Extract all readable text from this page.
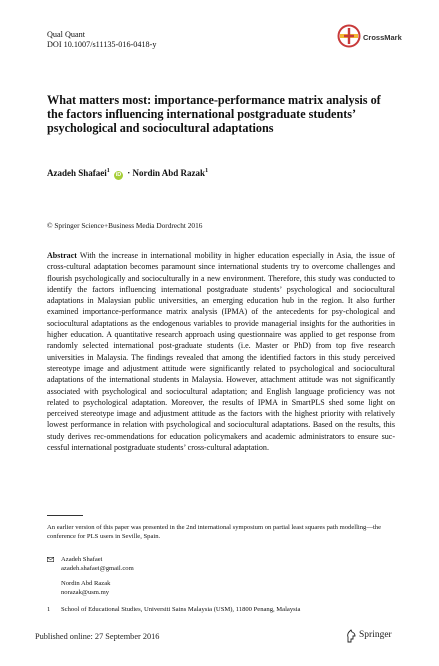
Qual Quant
DOI 10.1007/s11135-016-0418-y
CrossMark
What matters most: importance-performance matrix analysis of the factors influencing international postgraduate students’ psychological and sociocultural adaptations
Azadeh Shafaei$^1$ iD · Nordin Abd Razak$^1$
© Springer Science+Business Media Dordrecht 2016
Abstract With the increase in international mobility in higher education especially in Asia, the issue of cross-cultural adaptation becomes paramount since international students try to overcome challenges and flourish psychologically and socioculturally in a new environment. Therefore, this study was conducted to identify the factors influencing international postgraduate students’ psychological and sociocultural adaptations in Malaysian public universities, an emerging education hub in the region. It also further examined importance-performance matrix analysis (IPMA) of the antecedents for psy-chological and sociocultural adaptations as the endogenous variables to provide managerial insights for the authorities in higher education. A quantitative research approach using questionnaire was applied to get response from randomly selected international post-graduate students (i.e. Master or PhD) from top five research universities in Malaysia. The findings revealed that among the identified factors in this study perceived stereotype image and adjustment attitude were significantly related to psychological and sociocultural adaptations of the international students in Malaysia. However, attachment attitude was not significantly associated with psychological and sociocultural adaptation; and English language proficiency was not related to psychological adaptation. Moreover, the results of IPMA in SmartPLS shed some light on perceived stereotype image and adjustment attitude as the factors with the highest priority with relatively lowest performance in relation with psychological and sociocultural adaptations. Based on the results, this study derives rec-ommendations for education policymakers and academic administrators to ensure suc-cessful international postgraduate students’ cross-cultural adaptation.
An earlier version of this paper was presented in the 2nd international symposium on partial least squares path modelling—the conference for PLS users in Seville, Spain.
Azadeh Shafaei
azadeh.shafaei@gmail.com
Nordin Abd Razak
norazak@usm.my
1 School of Educational Studies, Universiti Sains Malaysia (USM), 11800 Penang, Malaysia
Published online: 27 September 2016	Springer
